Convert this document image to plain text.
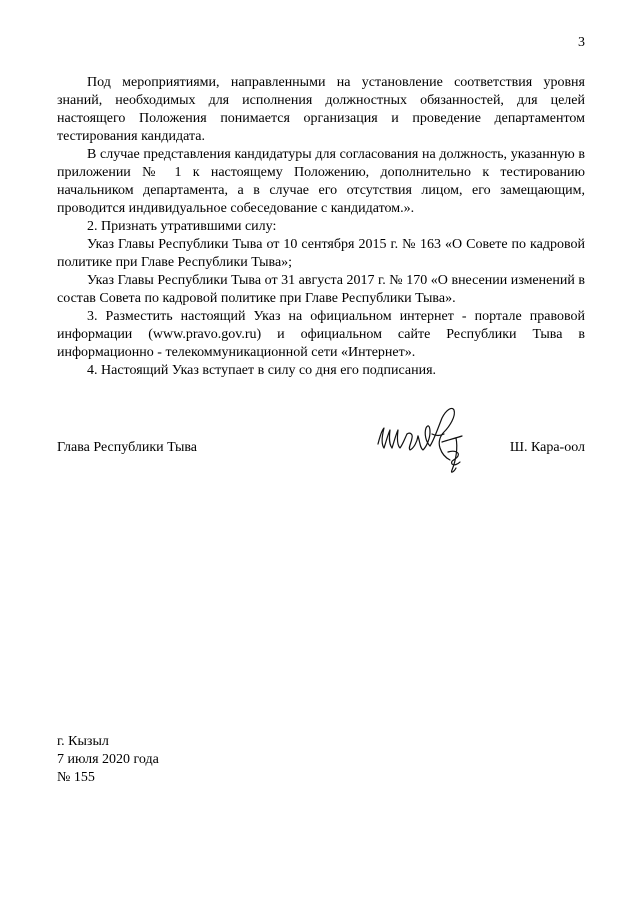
3

Под мероприятиями, направленными на установление соответствия уровня знаний, необходимых для исполнения должностных обязанностей, для целей настоящего Положения понимается организация и проведение департаментом тестирования кандидата.

В случае представления кандидатуры для согласования на должность, указанную в приложении № 1 к настоящему Положению, дополнительно к тестированию начальником департамента, а в случае его отсутствия лицом, его замещающим, проводится индивидуальное собеседование с кандидатом.».

2. Признать утратившими силу:

Указ Главы Республики Тыва от 10 сентября 2015 г. № 163 «О Совете по кадровой политике при Главе Республики Тыва»;

Указ Главы Республики Тыва от 31 августа 2017 г. № 170 «О внесении изменений в состав Совета по кадровой политике при Главе Республики Тыва».

3. Разместить настоящий Указ на официальном интернет - портале правовой информации (www.pravo.gov.ru) и официальном сайте Республики Тыва в информационно - телекоммуникационной сети «Интернет».

4. Настоящий Указ вступает в силу со дня его подписания.

Глава Республики Тыва	Ш. Кара-оол
г. Кызыл
7 июля 2020 года
№ 155
